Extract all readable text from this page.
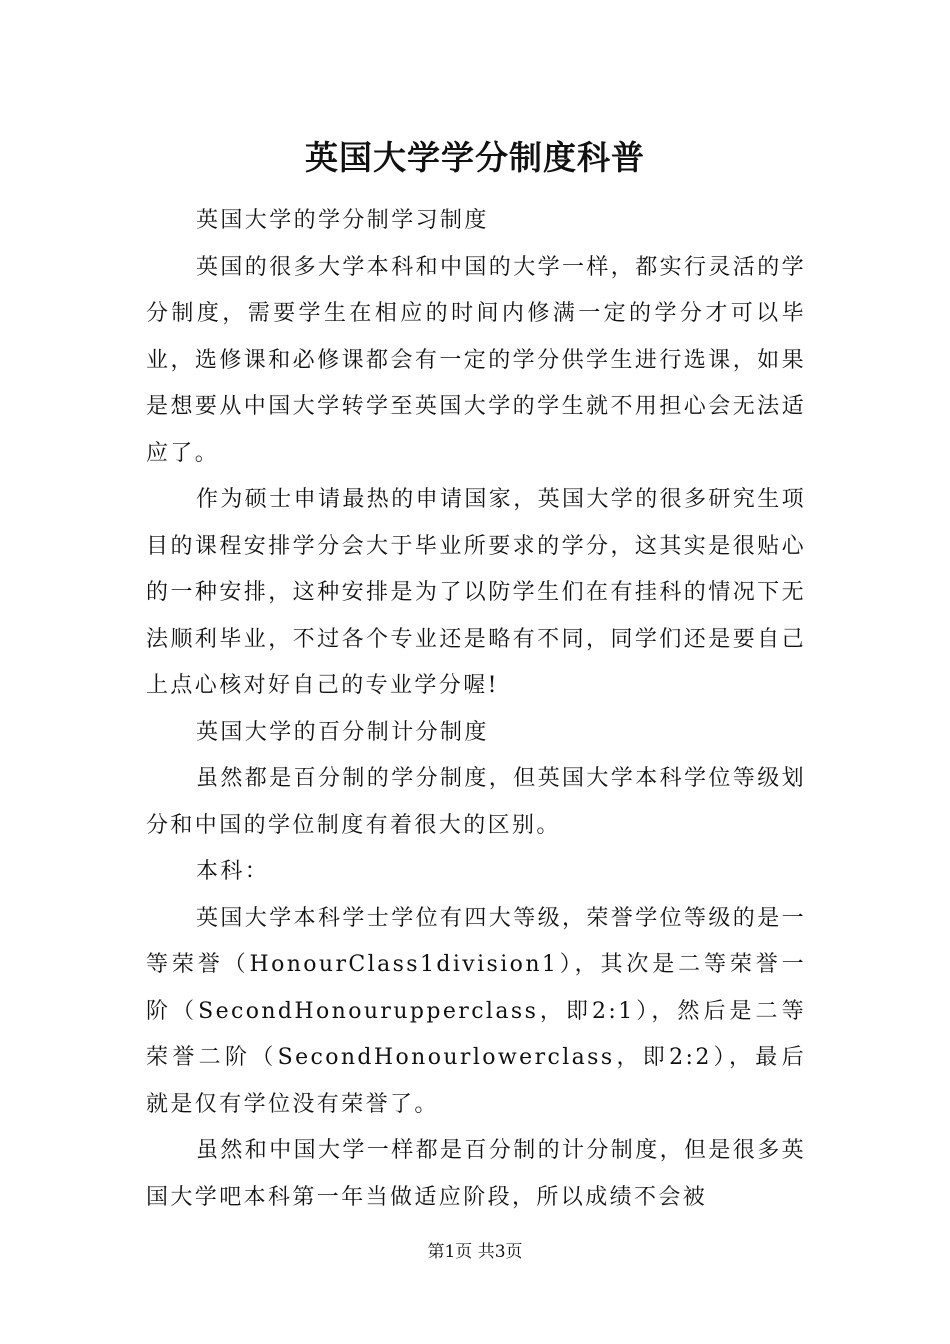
英国大学学分制度科普

英国大学的学分制学习制度

英国的很多大学本科和中国的大学一样，都实行灵活的学分制度，需要学生在相应的时间内修满一定的学分才可以毕业，选修课和必修课都会有一定的学分供学生进行选课，如果是想要从中国大学转学至英国大学的学生就不用担心会无法适应了。

作为硕士申请最热的申请国家，英国大学的很多研究生项目的课程安排学分会大于毕业所要求的学分，这其实是很贴心的一种安排，这种安排是为了以防学生们在有挂科的情况下无法顺利毕业，不过各个专业还是略有不同，同学们还是要自己上点心核对好自己的专业学分喔!

英国大学的百分制计分制度

虽然都是百分制的学分制度，但英国大学本科学位等级划分和中国的学位制度有着很大的区别。

本科：

英国大学本科学士学位有四大等级，荣誉学位等级的是一等荣誉（HonourClass1division1），其次是二等荣誉一阶（SecondHonourupperclass，即2:1），然后是二等荣誉二阶（SecondHonourlowerclass，即2:2），最后就是仅有学位没有荣誉了。

虽然和中国大学一样都是百分制的计分制度，但是很多英国大学吧本科第一年当做适应阶段，所以成绩不会被

第1页 共3页
